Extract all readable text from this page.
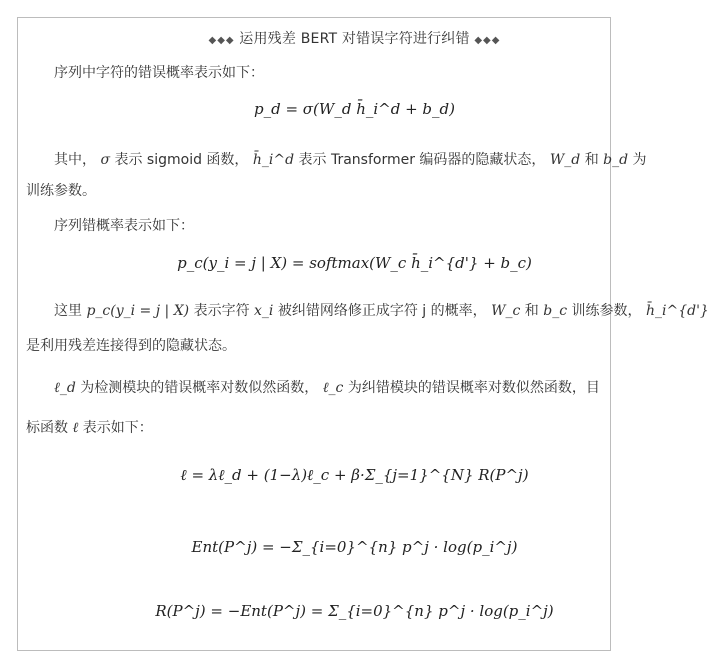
◆◆◆ 运用残差 BERT 对错误字符进行纠错 ◆◆◆
序列中字符的错误概率表示如下：
p_d = σ(W_d h̄_i^d + b_d)
其中， σ 表示 sigmoid 函数， h̄_i^d 表示 Transformer 编码器的隐藏状态， W_d 和 b_d 为
训练参数。
序列错概率表示如下：
p_c(y_i = j | X) = softmax(W_c h̄_i^{d'} + b_c)
这里 p_c(y_i = j | X) 表示字符 x_i 被纠错网络修正成字符 j 的概率， W_c 和 b_c 训练参数， h̄_i^{d'}
是利用残差连接得到的隐藏状态。
ℓ_d 为检测模块的错误概率对数似然函数， ℓ_c 为纠错模块的错误概率对数似然函数，目
标函数 ℓ 表示如下：
ℓ = λℓ_d + (1−λ)ℓ_c + β·Σ_{j=1}^{N} R(P^j)
Ent(P^j) = −Σ_{i=0}^{n} p^j · log(p_i^j)
R(P^j) = −Ent(P^j) = Σ_{i=0}^{n} p^j · log(p_i^j)
